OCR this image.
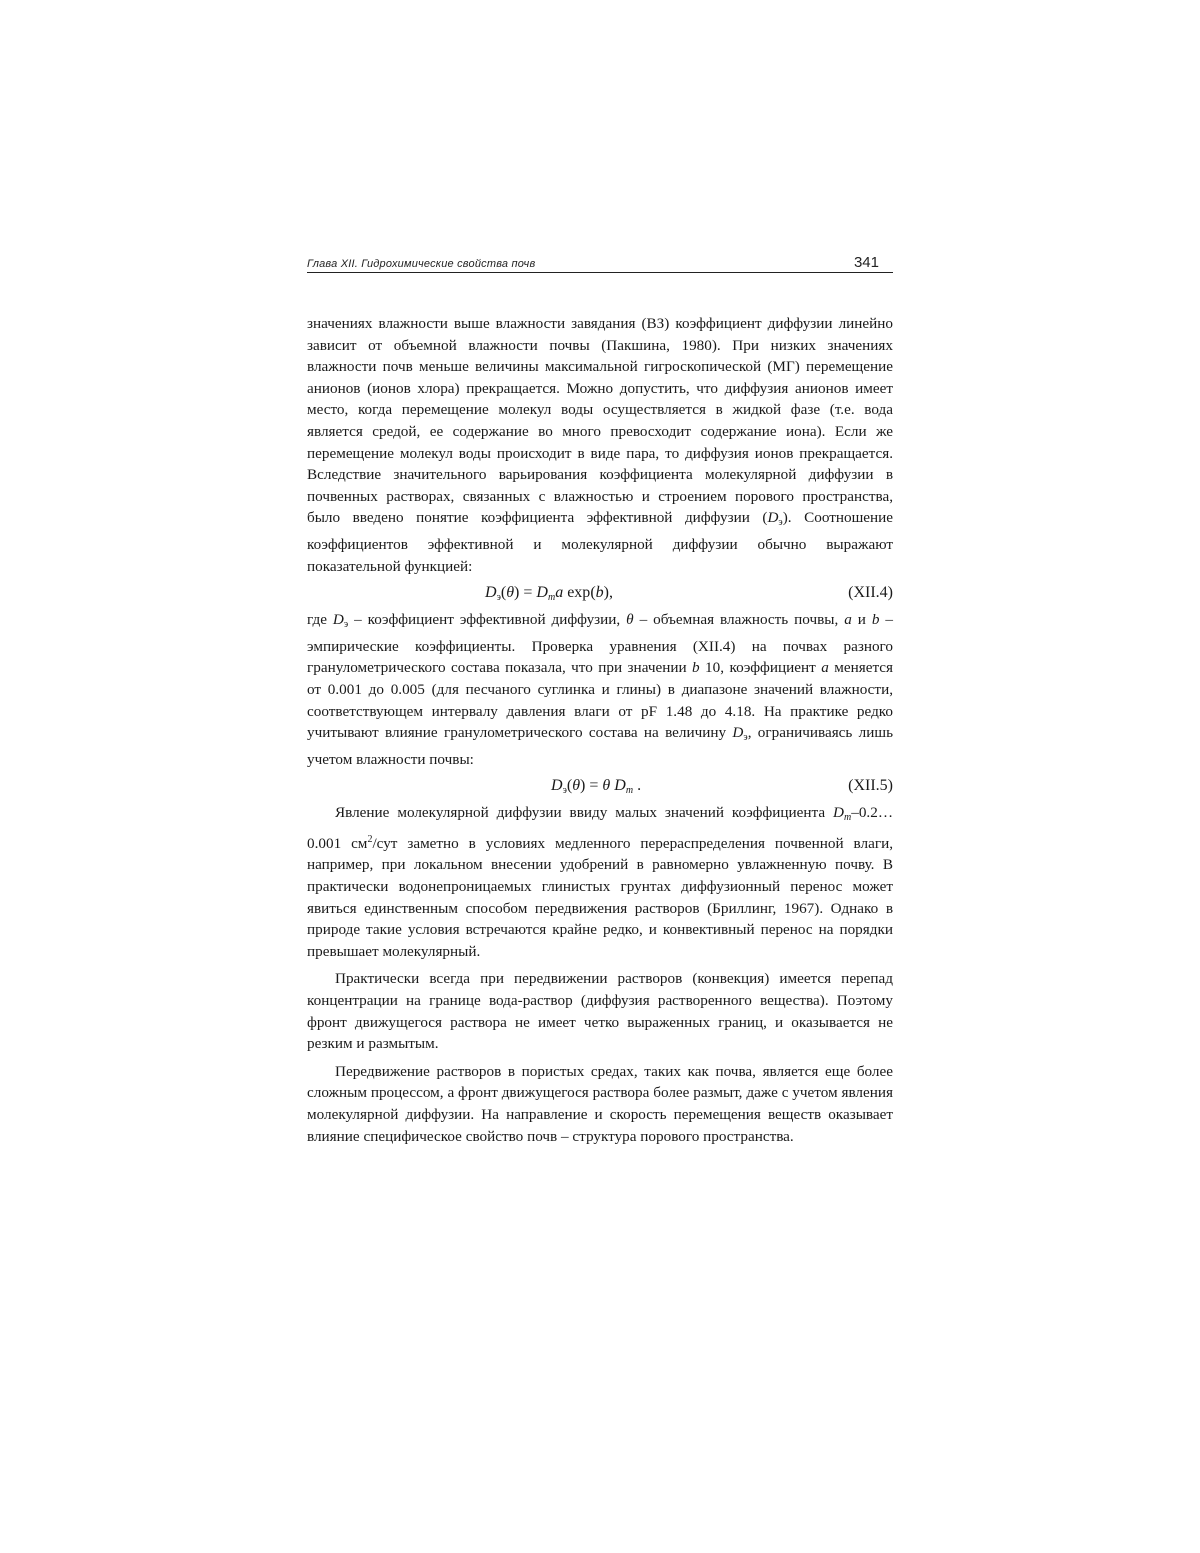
Глава XII. Гидрохимические свойства почв	341

значениях влажности выше влажности завядания (ВЗ) коэффициент диффузии линейно зависит от объемной влажности почвы (Пакшина, 1980). При низких значениях влажности почв меньше величины максимальной гигроскопической (МГ) перемещение анионов (ионов хлора) прекращается. Можно допустить, что диффузия анионов имеет место, когда перемещение молекул воды осуществляется в жидкой фазе (т.е. вода является средой, ее содержание во много превосходит содержание иона). Если же перемещение молекул воды происходит в виде пара, то диффузия ионов прекращается. Вследствие значительного варьирования коэффициента молекулярной диффузии в почвенных растворах, связанных с влажностью и строением порового пространства, было введено понятие коэффициента эффективной диффузии $(D_э)$. Соотношение коэффициентов эффективной и молекулярной диффузии обычно выражают показательной функцией:

$D_э(\theta) = D_ma$ exp(b),	(XII.4)

где $D_э$ – коэффициент эффективной диффузии, θ – объемная влажность почвы, a и b – эмпирические коэффициенты. Проверка уравнения (XII.4) на почвах разного гранулометрического состава показала, что при значении b 10, коэффициент a меняется от 0.001 до 0.005 (для песчаного суглинка и глины) в диапазоне значений влажности, соответствующем интервалу давления влаги от pF 1.48 до 4.18. На практике редко учитывают влияние гранулометрического состава на величину $D_э$, ограничиваясь лишь учетом влажности почвы:

$D_э(\theta) = \theta$ $D_m$ .	(XII.5)

Явление молекулярной диффузии ввиду малых значений коэффициента $D_m-0.2\dots 0.001$ $см^2$/сут заметно в условиях медленного перераспределения почвенной влаги, например, при локальном внесении удобрений в равномерно увлажненную почву. В практически водонепроницаемых глинистых грунтах диффузионный перенос может явиться единственным способом передвижения растворов (Бриллинг, 1967). Однако в природе такие условия встречаются крайне редко, и конвективный перенос на порядки превышает молекулярный.

Практически всегда при передвижении растворов (конвекция) имеется перепад концентрации на границе вода-раствор (диффузия растворенного вещества). Поэтому фронт движущегося раствора не имеет четко выраженных границ, и оказывается не резким и размытым.

Передвижение растворов в пористых средах, таких как почва, является еще более сложным процессом, а фронт движущегося раствора более размыт, даже с учетом явления молекулярной диффузии. На направление и скорость перемещения веществ оказывает влияние специфическое свойство почв – структура порового пространства.
